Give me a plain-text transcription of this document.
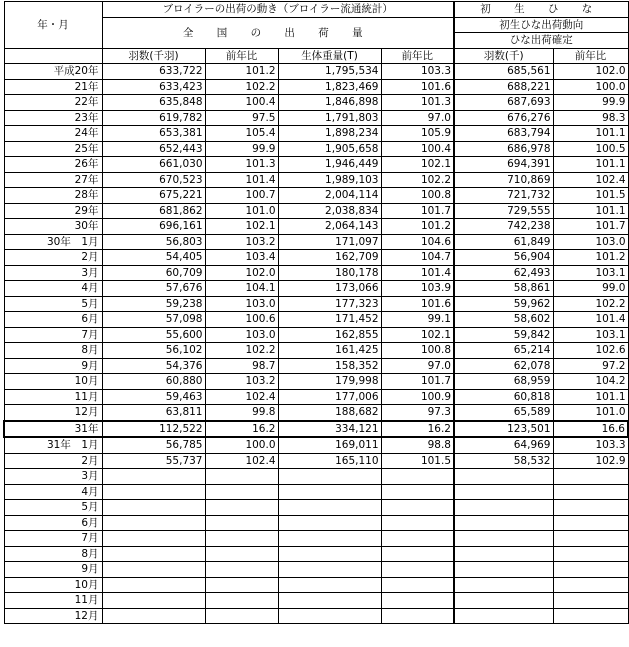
年・月	ブロイラーの出荷の動き（ブロイラー流通統計）				初 生 ひ な	
	全 国 の 出 荷 量				初生ひな出荷動向	
					ひな出荷確定	
	羽数(千羽)	前年比	生体重量(T)	前年比	羽数(千)	前年比
平成20年	633,722	101.2	1,795,534	103.3	685,561	102.0
21年	633,423	102.2	1,823,469	101.6	688,221	100.0
22年	635,848	100.4	1,846,898	101.3	687,693	99.9
23年	619,782	97.5	1,791,803	97.0	676,276	98.3
24年	653,381	105.4	1,898,234	105.9	683,794	101.1
25年	652,443	99.9	1,905,658	100.4	686,978	100.5
26年	661,030	101.3	1,946,449	102.1	694,391	101.1
27年	670,523	101.4	1,989,103	102.2	710,869	102.4
28年	675,221	100.7	2,004,114	100.8	721,732	101.5
29年	681,862	101.0	2,038,834	101.7	729,555	101.1
30年	696,161	102.1	2,064,143	101.2	742,238	101.7
30年　1月	56,803	103.2	171,097	104.6	61,849	103.0
2月	54,405	103.4	162,709	104.7	56,904	101.2
3月	60,709	102.0	180,178	101.4	62,493	103.1
4月	57,676	104.1	173,066	103.9	58,861	99.0
5月	59,238	103.0	177,323	101.6	59,962	102.2
6月	57,098	100.6	171,452	99.1	58,602	101.4
7月	55,600	103.0	162,855	102.1	59,842	103.1
8月	56,102	102.2	161,425	100.8	65,214	102.6
9月	54,376	98.7	158,352	97.0	62,078	97.2
10月	60,880	103.2	179,998	101.7	68,959	104.2
11月	59,463	102.4	177,006	100.9	60,818	101.1
12月	63,811	99.8	188,682	97.3	65,589	101.0
31年	112,522	16.2	334,121	16.2	123,501	16.6
31年　1月	56,785	100.0	169,011	98.8	64,969	103.3
2月	55,737	102.4	165,110	101.5	58,532	102.9
3月						
4月						
5月						
6月						
7月						
8月						
9月						
10月						
11月						
12月						
